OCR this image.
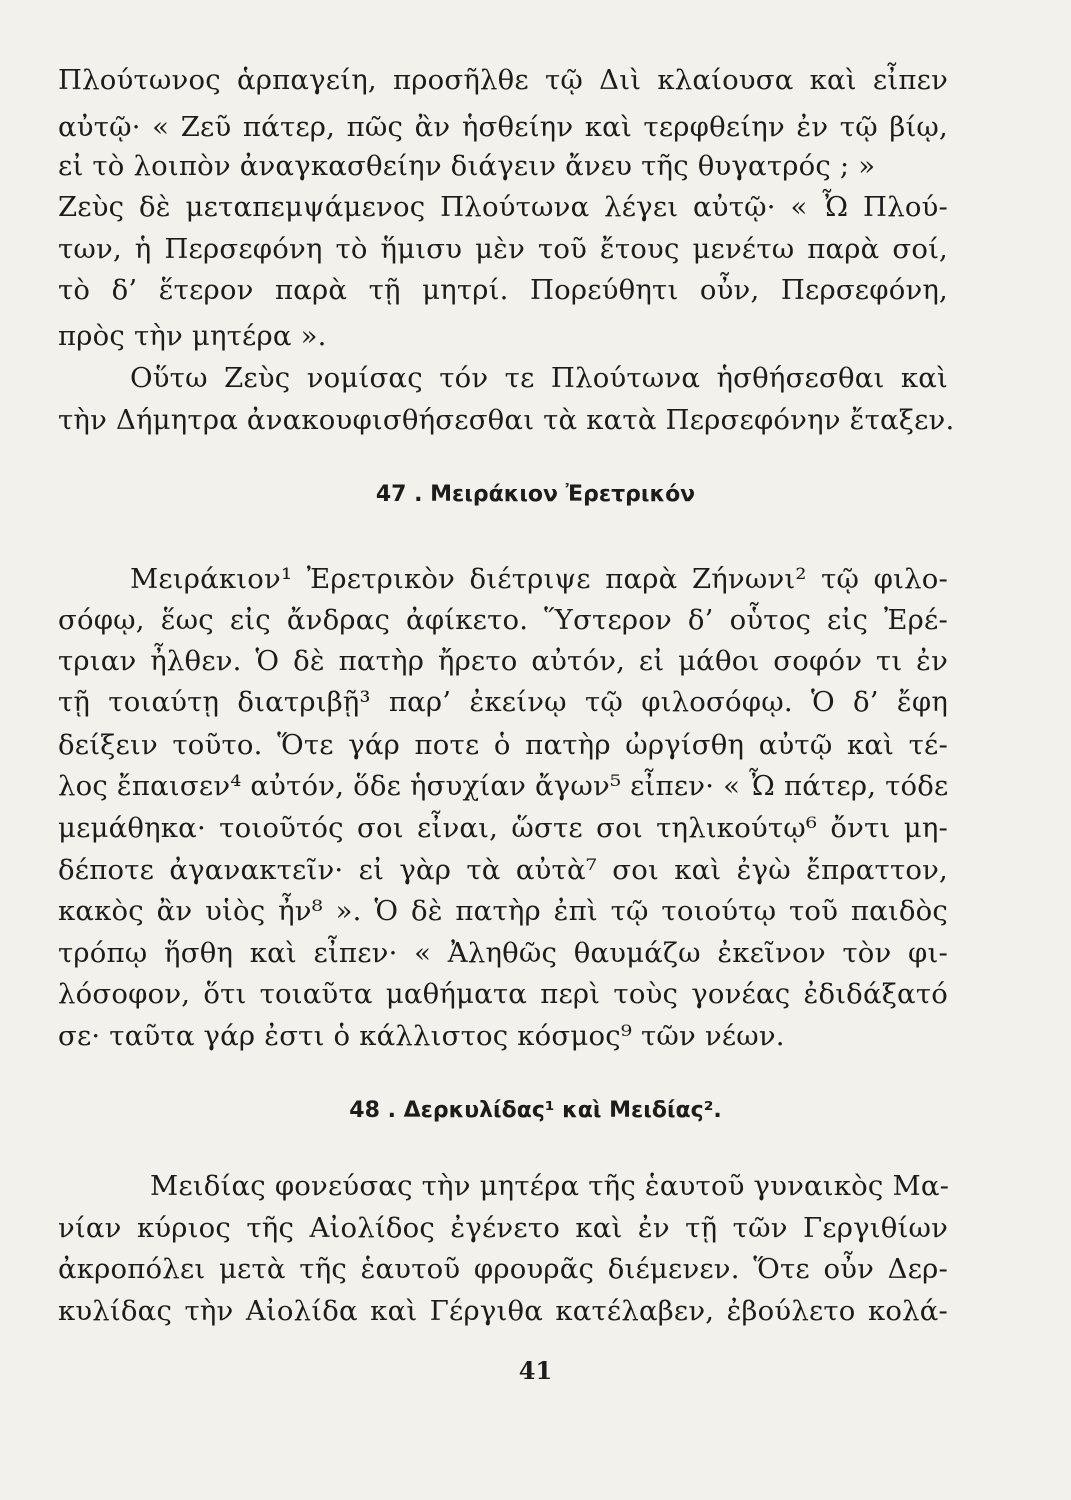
Πλούτωνος ἁρπαγείη, προσῆλθε τῷ Διὶ κλαίουσα καὶ εἶπεν
αὐτῷ· « Ζεῦ πάτερ, πῶς ἂν ἡσθείην καὶ τερφθείην ἐν τῷ βίῳ,
εἰ τὸ λοιπὸν ἀναγκασθείην διάγειν ἄνευ τῆς θυγατρός ; »
Ζεὺς δὲ μεταπεμψάμενος Πλούτωνα λέγει αὐτῷ· « Ὦ Πλού-
των, ἡ Περσεφόνη τὸ ἥμισυ μὲν τοῦ ἔτους μενέτω παρὰ σοί,
τὸ δ’ ἕτερον παρὰ τῇ μητρί. Πορεύθητι οὖν, Περσεφόνη,
πρὸς τὴν μητέρα ».
Οὕτω Ζεὺς νομίσας τόν τε Πλούτωνα ἡσθήσεσθαι καὶ
τὴν Δήμητρα ἀνακουφισθήσεσθαι τὰ κατὰ Περσεφόνην ἔταξεν.
47 . Μειράκιον Ἐρετρικόν
Μειράκιον¹ Ἐρετρικὸν διέτριψε παρὰ Ζήνωνι² τῷ φιλο-
σόφῳ, ἕως εἰς ἄνδρας ἀφίκετο. Ὕστερον δ’ οὗτος εἰς Ἐρέ-
τριαν ἦλθεν. Ὁ δὲ πατὴρ ἤρετο αὐτόν, εἰ μάθοι σοφόν τι ἐν
τῇ τοιαύτῃ διατριβῇ³ παρ’ ἐκείνῳ τῷ φιλοσόφῳ. Ὁ δ’ ἔφη
δείξειν τοῦτο. Ὅτε γάρ ποτε ὁ πατὴρ ὠργίσθη αὐτῷ καὶ τέ-
λος ἔπαισεν⁴ αὐτόν, ὅδε ἡσυχίαν ἄγων⁵ εἶπεν· « Ὦ πάτερ, τόδε
μεμάθηκα· τοιοῦτός σοι εἶναι, ὥστε σοι τηλικούτῳ⁶ ὄντι μη-
δέποτε ἀγανακτεῖν· εἰ γὰρ τὰ αὐτὰ⁷ σοι καὶ ἐγὼ ἔπραττον,
κακὸς ἂν υἱὸς ἦν⁸ ». Ὁ δὲ πατὴρ ἐπὶ τῷ τοιούτῳ τοῦ παιδὸς
τρόπῳ ἥσθη καὶ εἶπεν· « Ἀληθῶς θαυμάζω ἐκεῖνον τὸν φι-
λόσοφον, ὅτι τοιαῦτα μαθήματα περὶ τοὺς γονέας ἐδιδάξατό
σε· ταῦτα γάρ ἐστι ὁ κάλλιστος κόσμος⁹ τῶν νέων.
48 . Δερκυλίδας¹ καὶ Μειδίας².
Μειδίας φονεύσας τὴν μητέρα τῆς ἑαυτοῦ γυναικὸς Μα-
νίαν κύριος τῆς Αἰολίδος ἐγένετο καὶ ἐν τῇ τῶν Γεργιθίων
ἀκροπόλει μετὰ τῆς ἑαυτοῦ φρουρᾶς διέμενεν. Ὅτε οὖν Δερ-
κυλίδας τὴν Αἰολίδα καὶ Γέργιθα κατέλαβεν, ἐβούλετο κολά-
41
